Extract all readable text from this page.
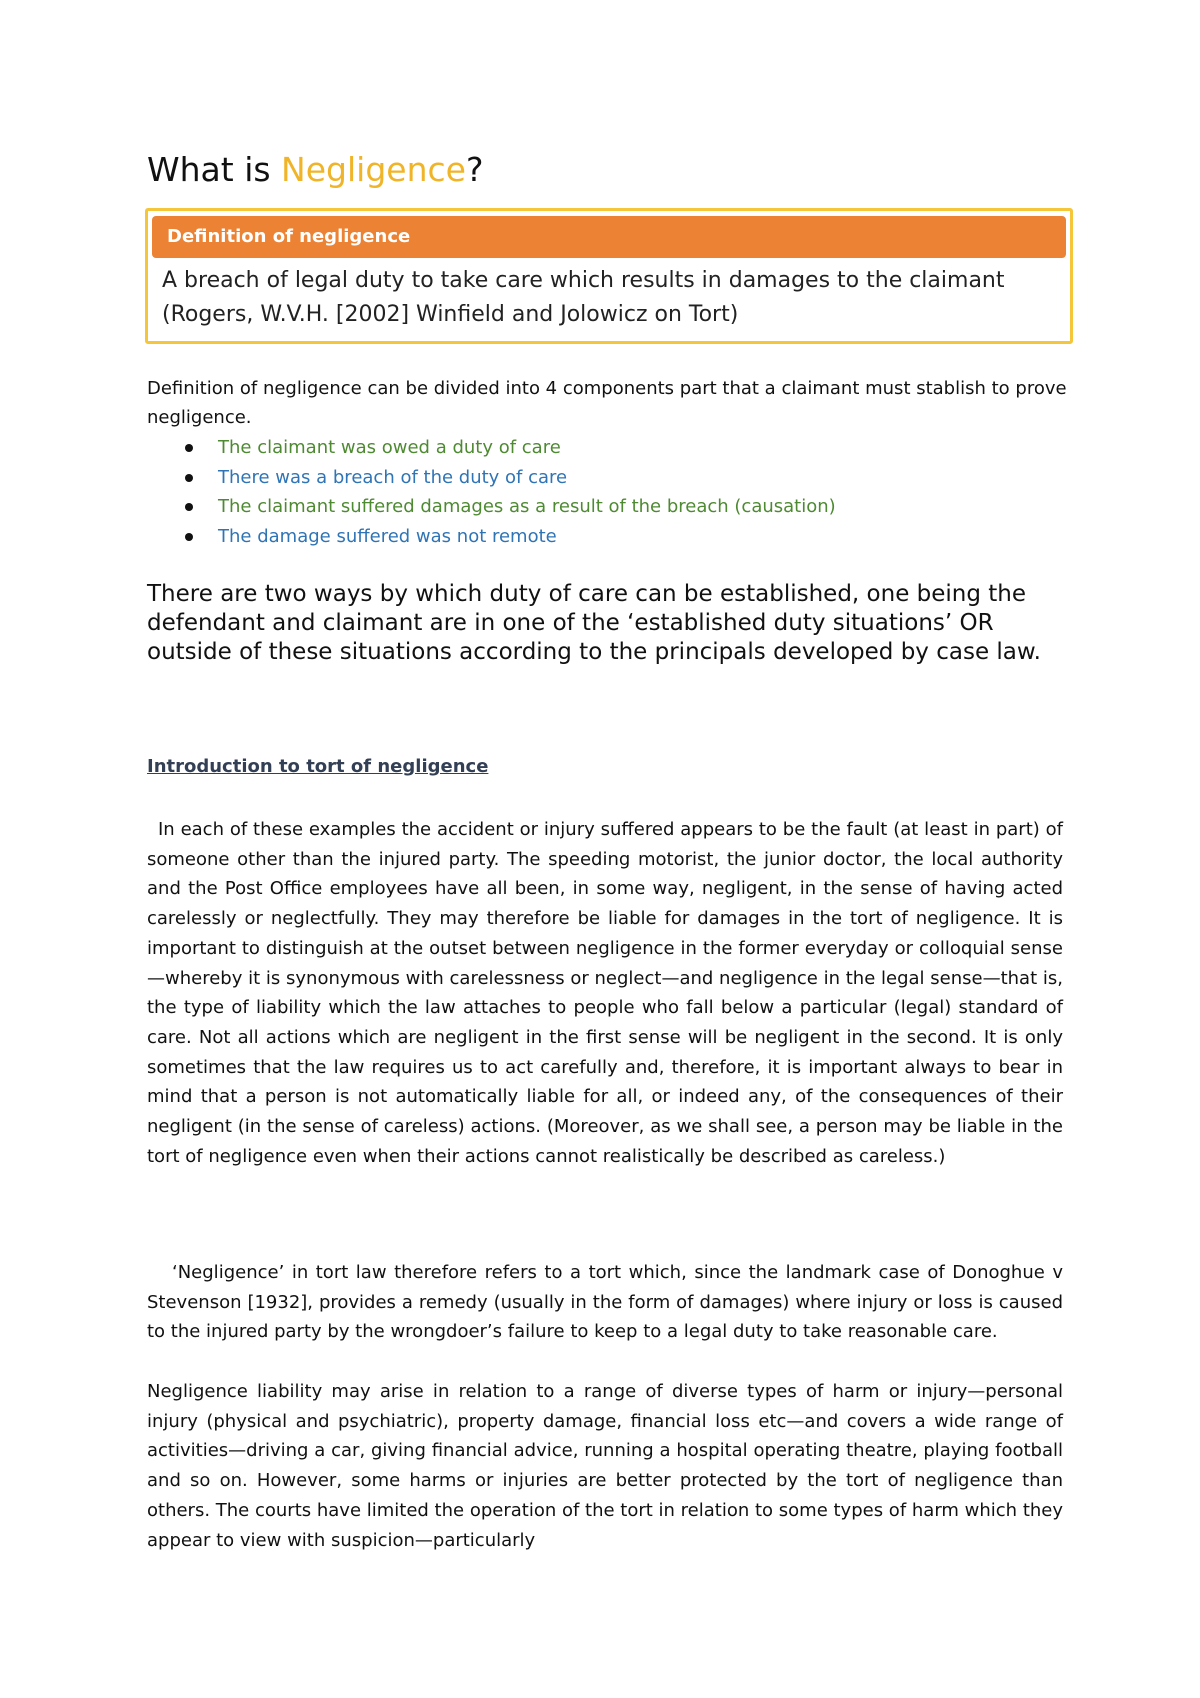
What is Negligence?
Definition of negligence
A breach of legal duty to take care which results in damages to the claimant (Rogers, W.V.H. [2002] Winfield and Jolowicz on Tort)

Definition of negligence can be divided into 4 components part that a claimant must stablish to prove negligence.

The claimant was owed a duty of care
There was a breach of the duty of care
The claimant suffered damages as a result of the breach (causation)
The damage suffered was not remote

There are two ways by which duty of care can be established, one being the defendant and claimant are in one of the ‘established duty situations’ OR outside of these situations according to the principals developed by case law.

Introduction to tort of negligence

In each of these examples the accident or injury suffered appears to be the fault (at least in part) of someone other than the injured party. The speeding motorist, the junior doctor, the local authority and the Post Office employees have all been, in some way, negligent, in the sense of having acted carelessly or neglectfully. They may therefore be liable for damages in the tort of negligence. It is important to distinguish at the outset between negligence in the former everyday or colloquial sense—whereby it is synonymous with carelessness or neglect—and negligence in the legal sense—that is, the type of liability which the law attaches to people who fall below a particular (legal) standard of care. Not all actions which are negligent in the first sense will be negligent in the second. It is only sometimes that the law requires us to act carefully and, therefore, it is important always to bear in mind that a person is not automatically liable for all, or indeed any, of the consequences of their negligent (in the sense of careless) actions. (Moreover, as we shall see, a person may be liable in the tort of negligence even when their actions cannot realistically be described as careless.)

‘Negligence’ in tort law therefore refers to a tort which, since the landmark case of Donoghue v Stevenson [1932], provides a remedy (usually in the form of damages) where injury or loss is caused to the injured party by the wrongdoer’s failure to keep to a legal duty to take reasonable care.

Negligence liability may arise in relation to a range of diverse types of harm or injury—personal injury (physical and psychiatric), property damage, financial loss etc—and covers a wide range of activities—driving a car, giving financial advice, running a hospital operating theatre, playing football and so on. However, some harms or injuries are better protected by the tort of negligence than others. The courts have limited the operation of the tort in relation to some types of harm which they appear to view with suspicion—particularly
